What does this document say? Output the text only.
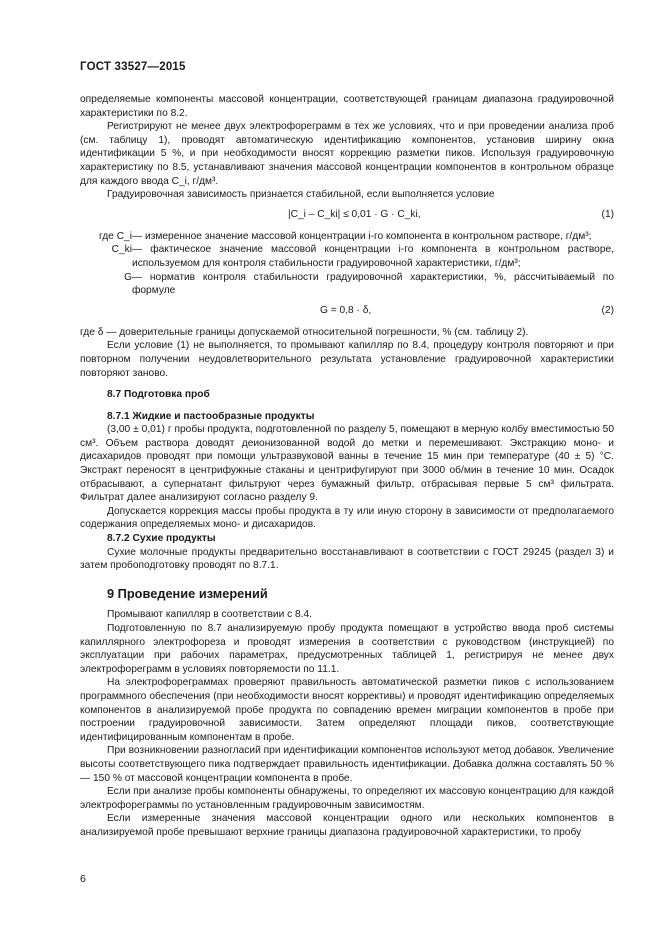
ГОСТ 33527—2015

определяемые компоненты массовой концентрации, соответствующей границам диапазона градуировочной характеристики по 8.2.

Регистрируют не менее двух электрофореграмм в тех же условиях, что и при проведении анализа проб (см. таблицу 1), проводят автоматическую идентификацию компонентов, установив ширину окна идентификации 5 %, и при необходимости вносят коррекцию разметки пиков. Используя градуировочную характеристику по 8.5, устанавливают значения массовой концентрации компонентов в контрольном образце для каждого ввода C_i, г/дм³.

Градуировочная зависимость признается стабильной, если выполняется условие

|C_i – C_ki| ≤ 0,01 · G · C_ki,	(1)
где C_i — измеренное значение массовой концентрации i-го компонента в контрольном растворе, г/дм³;
C_ki — фактическое значение массовой концентрации i-го компонента в контрольном растворе, используемом для контроля стабильности градуировочной характеристики, г/дм³;
G — норматив контроля стабильности градуировочной характеристики, %, рассчитываемый по формуле
G = 0,8 · δ,	(2)

где δ — доверительные границы допускаемой относительной погрешности, % (см. таблицу 2).

Если условие (1) не выполняется, то промывают капилляр по 8.4, процедуру контроля повторяют и при повторном получении неудовлетворительного результата установление градуировочной характеристики повторяют заново.

8.7 Подготовка проб

8.7.1 Жидкие и пастообразные продукты

(3,00 ± 0,01) г пробы продукта, подготовленной по разделу 5, помещают в мерную колбу вместимостью 50 см³. Объем раствора доводят деионизованной водой до метки и перемешивают. Экстракцию моно- и дисахаридов проводят при помощи ультразвуковой ванны в течение 15 мин при температуре (40 ± 5) °С. Экстракт переносят в центрифужные стаканы и центрифугируют при 3000 об/мин в течение 10 мин. Осадок отбрасывают, а супернатант фильтруют через бумажный фильтр, отбрасывая первые 5 см³ фильтрата. Фильтрат далее анализируют согласно разделу 9.

Допускается коррекция массы пробы продукта в ту или иную сторону в зависимости от предполагаемого содержания определяемых моно- и дисахаридов.

8.7.2 Сухие продукты

Сухие молочные продукты предварительно восстанавливают в соответствии с ГОСТ 29245 (раздел 3) и затем пробоподготовку проводят по 8.7.1.

9 Проведение измерений

Промывают капилляр в соответствии с 8.4.

Подготовленную по 8.7 анализируемую пробу продукта помещают в устройство ввода проб системы капиллярного электрофореза и проводят измерения в соответствии с руководством (инструкцией) по эксплуатации при рабочих параметрах, предусмотренных таблицей 1, регистрируя не менее двух электрофореграмм в условиях повторяемости по 11.1.

На электрофореграммах проверяют правильность автоматической разметки пиков с использованием программного обеспечения (при необходимости вносят коррективы) и проводят идентификацию определяемых компонентов в анализируемой пробе продукта по совпадению времен миграции компонентов в пробе при построении градуировочной зависимости. Затем определяют площади пиков, соответствующие идентифицированным компонентам в пробе.

При возникновении разногласий при идентификации компонентов используют метод добавок. Увеличение высоты соответствующего пика подтверждает правильность идентификации. Добавка должна составлять 50 % — 150 % от массовой концентрации компонента в пробе.

Если при анализе пробы компоненты обнаружены, то определяют их массовую концентрацию для каждой электрофореграммы по установленным градуировочным зависимостям.

Если измеренные значения массовой концентрации одного или нескольких компонентов в анализируемой пробе превышают верхние границы диапазона градуировочной характеристики, то пробу

6
